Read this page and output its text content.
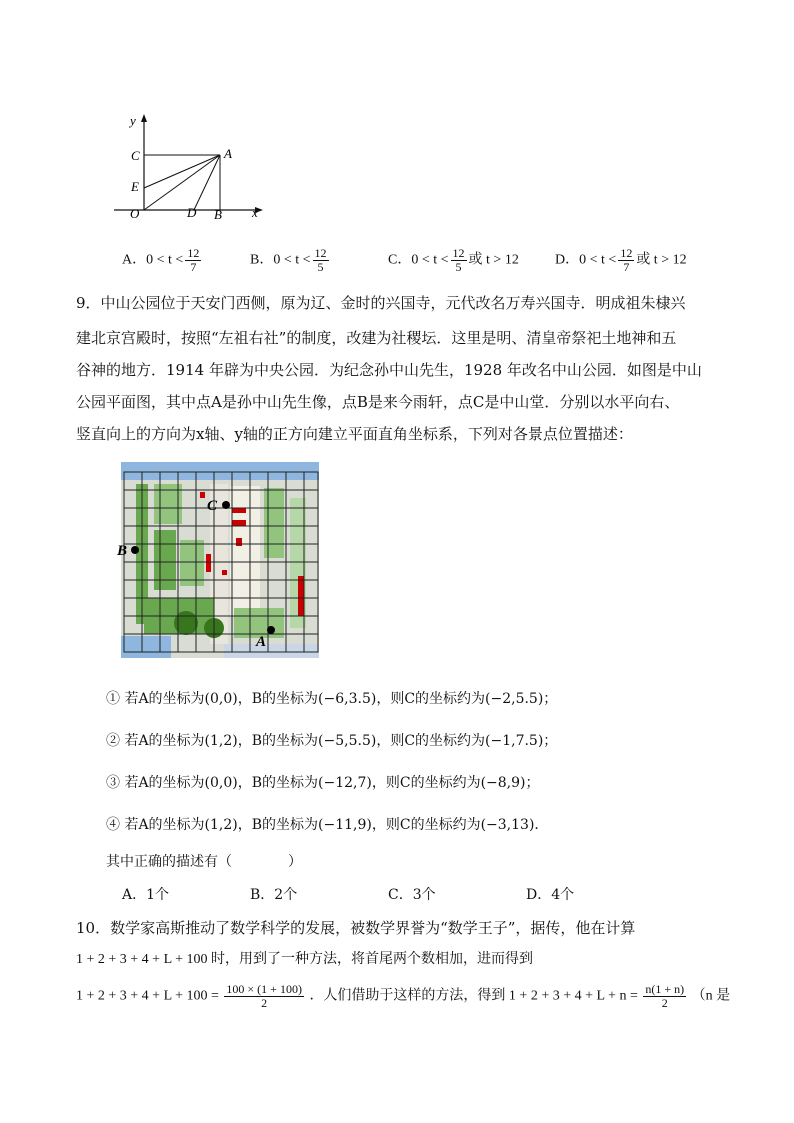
y
C	A
E
O	D B x
A．$0 < t < \frac{12}{7}$	B．$0 < t < \frac{12}{5}$	C．$0 < t < \frac{12}{5}$ 或 t > 12	D．$0 < t < \frac{12}{7}$ 或 t > 12
9．中山公园位于天安门西侧，原为辽、金时的兴国寺，元代改名万寿兴国寺．明成祖朱棣兴
建北京宫殿时，按照“左祖右社”的制度，改建为社稷坛．这里是明、清皇帝祭祀土地神和五
谷神的地方．1914 年辟为中央公园．为纪念孙中山先生，1928 年改名中山公园．如图是中山
公园平面图，其中点A是孙中山先生像，点B是来今雨轩，点C是中山堂．分别以水平向右、
竖直向上的方向为x轴、y轴的正方向建立平面直角坐标系，下列对各景点位置描述：
C
B
A
① 若A的坐标为(0,0)，B的坐标为(−6,3.5)，则C的坐标约为(−2,5.5)；
② 若A的坐标为(1,2)，B的坐标为(−5,5.5)，则C的坐标约为(−1,7.5)；
③ 若A的坐标为(0,0)，B的坐标为(−12,7)，则C的坐标约为(−8,9)；
④ 若A的坐标为(1,2)，B的坐标为(−11,9)，则C的坐标约为(−3,13)．
其中正确的描述有（　　　　）
A．1个	B．2个	C．3个	D．4个
10．数学家高斯推动了数学科学的发展，被数学界誉为“数学王子”，据传，他在计算
1 + 2 + 3 + 4 + L + 100 时，用到了一种方法，将首尾两个数相加，进而得到
$1 + 2 + 3 + 4 + L + 100 = \frac{100 \times (1 + 100)}{2}$ ．人们借助于这样的方法，得到 $1 + 2 + 3 + 4 + L + n = \frac{n(1 + n)}{2} (n$ 是
